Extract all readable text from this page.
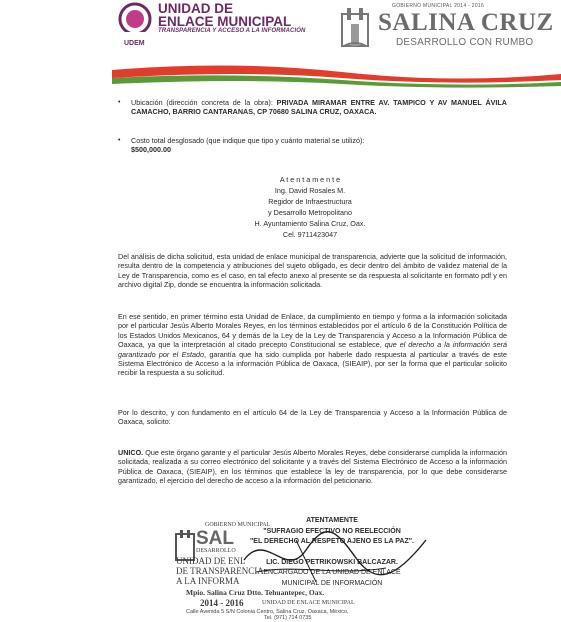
UNIDAD DE
ENLACE MUNICIPAL
TRANSPARENCIA Y ACCESO A LA INFORMACIÓN
UDEM
GOBIERNO MUNICIPAL 2014 - 2016
SALINA CRUZ
DESARROLLO CON RUMBO
• Ubicación (dirección concreta de la obra): PRIVADA MIRAMAR ENTRE AV. TAMPICO Y AV MANUEL ÁVILA CAMACHO, BARRIO CANTARANAS, CP 70680 SALINA CRUZ, OAXACA.
• Costo total desglosado (que indique que tipo y cuánto material se utilizó):
$500,000.00
A t e n t a m e n t e
Ing. David Rosales M.
Regidor de Infraestructura
y Desarrollo Metropolitano
H. Ayuntamiento Salina Cruz, Oax.
Cel. 9711423047
Del análisis de dicha solicitud, esta unidad de enlace municipal de transparencia, advierte que la solicitud de información, resulta dentro de la competencia y atribuciones del sujeto obligado, es decir dentro del ámbito de validez material de la Ley de Transparencia, como es el caso, en tal efecto anexo al presente se da respuesta al solicitante en formato pdf y en archivo digital Zip, donde se encuentra la información solicitada.
En ese sentido, en primer término esta Unidad de Enlace, da cumplimiento en tiempo y forma a la información solicitada por el particular Jesús Alberto Morales Reyes, en los términos establecidos por el artículo 6 de la Constitución Política de los Estados Unidos Mexicanos, 64 y demás de la Ley de la Ley de Transparencia y Acceso a la Información Pública de Oaxaca, ya que la interpretación al citado precepto Constitucional se establece, que el derecho a la información será garantizado por el Estado, garantía que ha sido cumplida por haberle dado respuesta al particular a través de este Sistema Electrónico de Acceso a la información Pública de Oaxaca, (SIEAIP), por ser la forma que el particular solicito recibir la respuesta a su solicitud.
Por lo descrito, y con fundamento en el artículo 64 de la Ley de Transparencia y Acceso a la Información Pública de Oaxaca, solicito:
UNICO. Que este órgano garante y el particular Jesús Alberto Morales Reyes, debe considerarse cumplida la información solicitada, realizada a su correo electrónico del solicitante y a través del Sistema Electrónico de Acceso a la información Pública de Oaxaca, (SIEAIP), en los términos que establece la ley de transparencia, por lo que debe considerarse garantizado, el ejercicio del derecho de acceso a la información del peticionario.
ATENTAMENTE
"SUFRAGIO EFECTIVO NO REELECCIÓN
"EL DERECHO AL RESPETO AJENO ES LA PAZ".
LIC. DIEGO PETRIKOWSKI BALCAZAR.
ENCARGADO DE LA UNIDAD DE ENLACE
MUNICIPAL DE INFORMACIÓN
GOBIERNO MUNICIPAL
SAL
DESARROLLO
UNIDAD DE ENL
DE TRANSPARENCIA
A LA INFORMA
Mpio. Salina Cruz Dtto. Tehuantepec, Oax.
2014 - 2016	UNIDAD DE ENLACE MUNICIPAL
Calle Avenida 5 S/N Colonia Centro, Salina Cruz, Oaxaca, México,
Tel. (971) 714 0735
